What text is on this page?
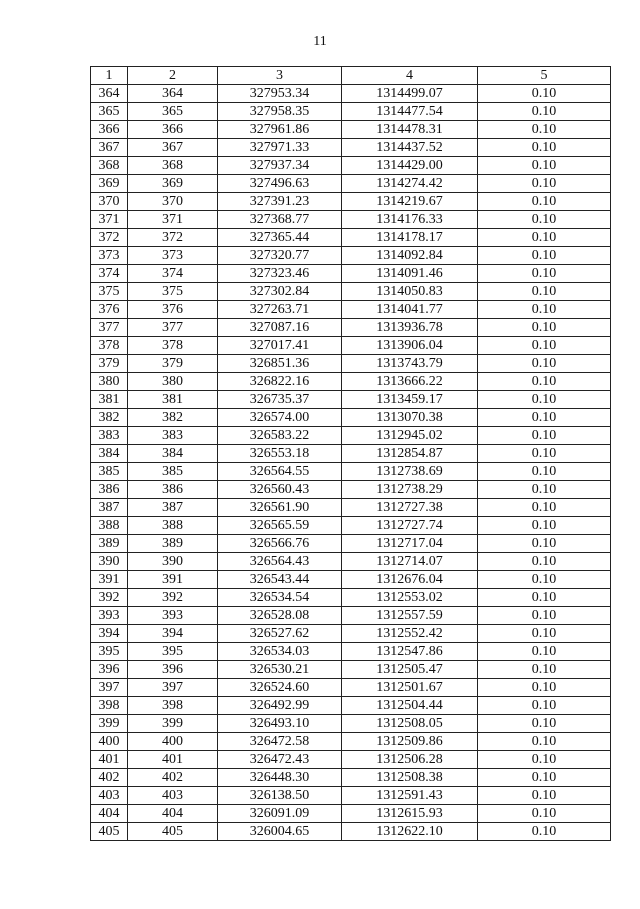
11
1	2	3	4	5
364	364	327953.34	1314499.07	0.10
365	365	327958.35	1314477.54	0.10
366	366	327961.86	1314478.31	0.10
367	367	327971.33	1314437.52	0.10
368	368	327937.34	1314429.00	0.10
369	369	327496.63	1314274.42	0.10
370	370	327391.23	1314219.67	0.10
371	371	327368.77	1314176.33	0.10
372	372	327365.44	1314178.17	0.10
373	373	327320.77	1314092.84	0.10
374	374	327323.46	1314091.46	0.10
375	375	327302.84	1314050.83	0.10
376	376	327263.71	1314041.77	0.10
377	377	327087.16	1313936.78	0.10
378	378	327017.41	1313906.04	0.10
379	379	326851.36	1313743.79	0.10
380	380	326822.16	1313666.22	0.10
381	381	326735.37	1313459.17	0.10
382	382	326574.00	1313070.38	0.10
383	383	326583.22	1312945.02	0.10
384	384	326553.18	1312854.87	0.10
385	385	326564.55	1312738.69	0.10
386	386	326560.43	1312738.29	0.10
387	387	326561.90	1312727.38	0.10
388	388	326565.59	1312727.74	0.10
389	389	326566.76	1312717.04	0.10
390	390	326564.43	1312714.07	0.10
391	391	326543.44	1312676.04	0.10
392	392	326534.54	1312553.02	0.10
393	393	326528.08	1312557.59	0.10
394	394	326527.62	1312552.42	0.10
395	395	326534.03	1312547.86	0.10
396	396	326530.21	1312505.47	0.10
397	397	326524.60	1312501.67	0.10
398	398	326492.99	1312504.44	0.10
399	399	326493.10	1312508.05	0.10
400	400	326472.58	1312509.86	0.10
401	401	326472.43	1312506.28	0.10
402	402	326448.30	1312508.38	0.10
403	403	326138.50	1312591.43	0.10
404	404	326091.09	1312615.93	0.10
405	405	326004.65	1312622.10	0.10
